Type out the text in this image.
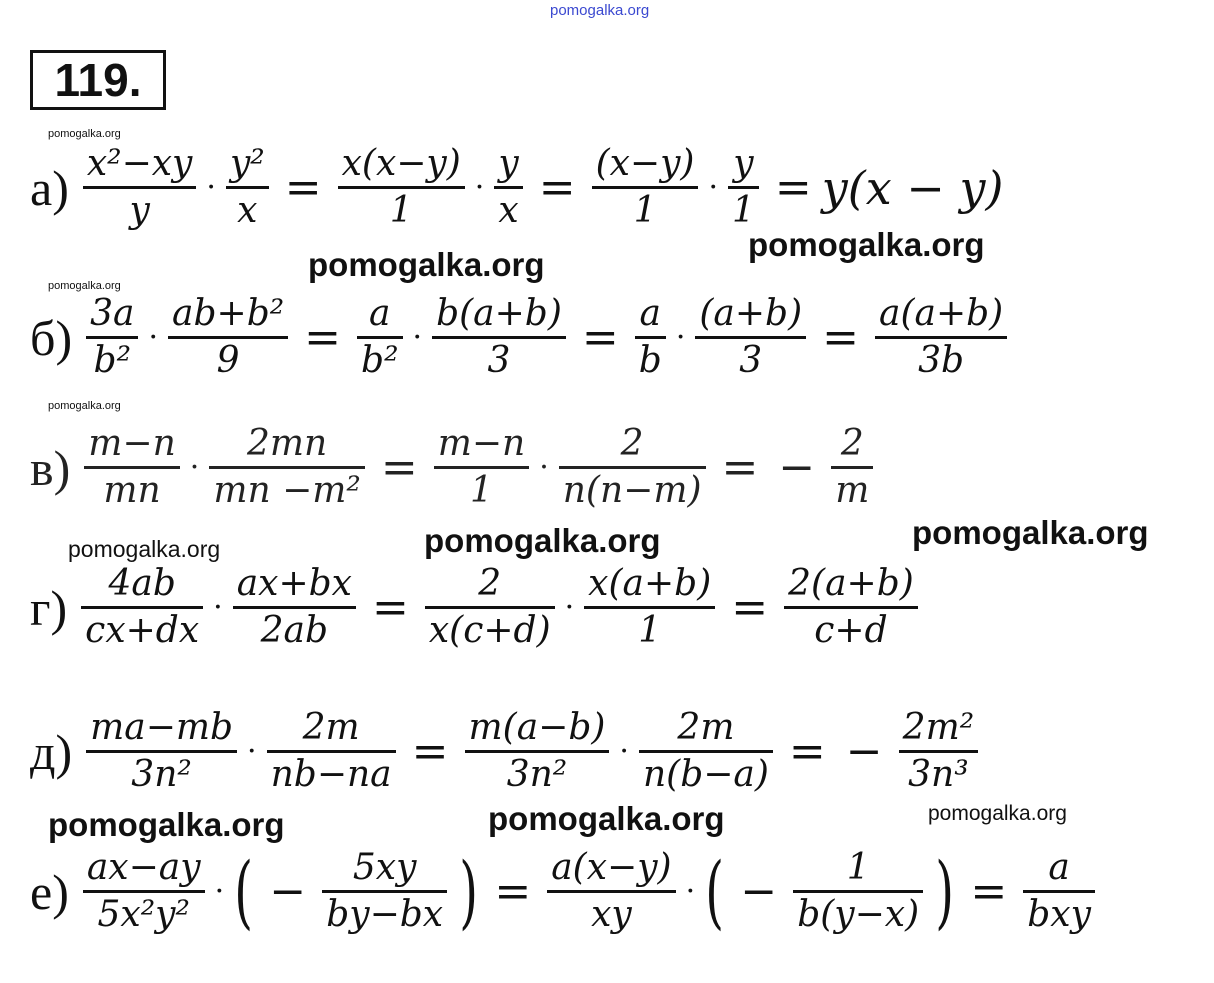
pomogalka.org
pomogalka.org
pomogalka.org
pomogalka.org
pomogalka.org
pomogalka.org
pomogalka.org	pomogalka.org	pomogalka.org
pomogalka.org	pomogalka.org	pomogalka.org
119.
$а) \frac{\text{x²−xy}}{y} \cdot \frac{\text{y²}}{x} = \frac{x(x-y)}{1} \cdot \frac{y}{x} = \frac{(x-y)}{1} \cdot \frac{y}{1} = y(x - y)$
$б) \frac{3a}{\text{b²}} \cdot \frac{\text{ab+b²}}{9} = \frac{a}{\text{b²}} \cdot \frac{b(a+b)}{3} = \frac{a}{b} \cdot \frac{(a+b)}{3} = \frac{a(a+b)}{3b}$
$в) \frac{m-n}{mn} \cdot \frac{2mn}{\text{mn −m²}} = \frac{m-n}{1} \cdot \frac{2}{n(n-m)}$ = − $\frac{2}{m}$
$г) \frac{4ab}{cx+dx} \cdot \frac{ax+bx}{2ab} = \frac{2}{x(c+d)} \cdot \frac{x(a+b)}{1} = \frac{2(a+b)}{c+d}$
$д) \frac{ma-mb}{\text{3n²}} \cdot \frac{2m}{nb-na} = \frac{m(a-b)}{\text{3n²}} \cdot \frac{2m}{n(b-a)}$ = − $\frac{\text{2m²}}{\text{3n³}}$
$е) \frac{ax-ay}{\text{5x²y²}}$ · ( − $\frac{5xy}{by-bx}$ ) = $\frac{a(x-y)}{xy}$ · ( − $\frac{1}{b(y-x)}$ ) = $\frac{a}{\text{bxy}}$
